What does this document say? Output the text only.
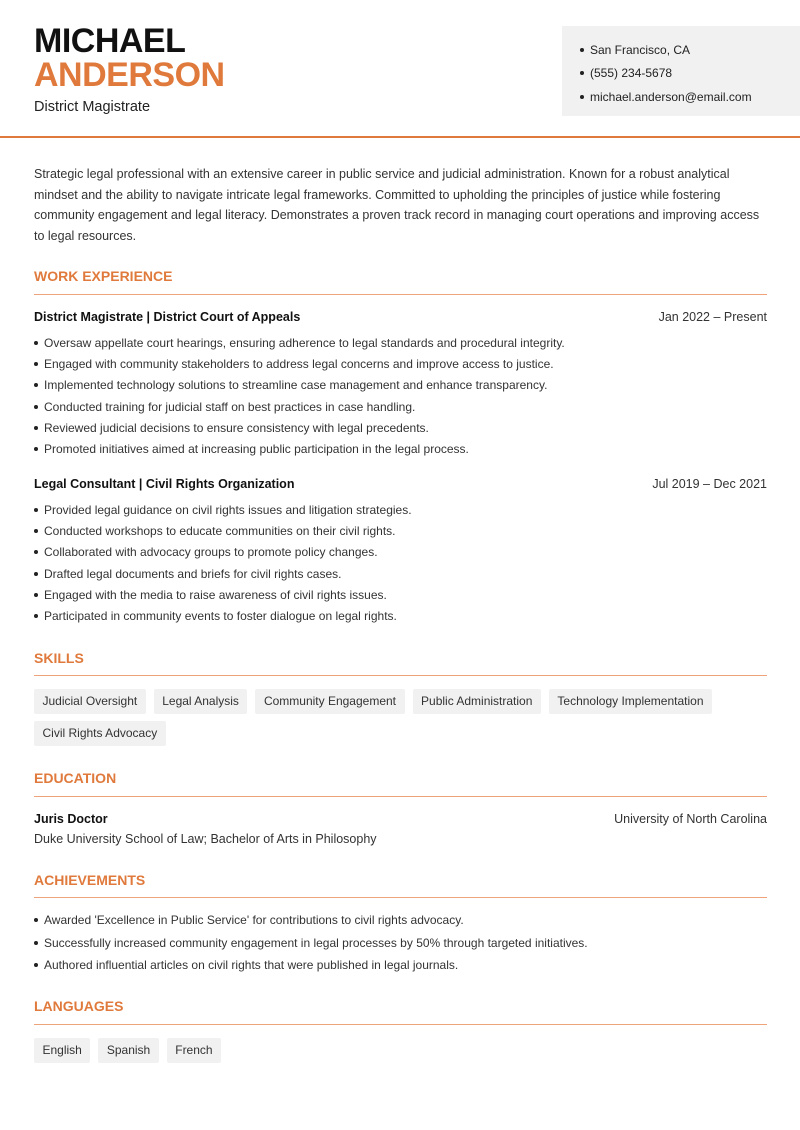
MICHAEL
ANDERSON
District Magistrate
San Francisco, CA
(555) 234-5678
michael.anderson@email.com

Strategic legal professional with an extensive career in public service and judicial administration. Known for a robust analytical mindset and the ability to navigate intricate legal frameworks. Committed to upholding the principles of justice while fostering community engagement and legal literacy. Demonstrates a proven track record in managing court operations and improving access to legal resources.

WORK EXPERIENCE
District Magistrate | District Court of Appeals	Jan 2022 – Present
Oversaw appellate court hearings, ensuring adherence to legal standards and procedural integrity.
Engaged with community stakeholders to address legal concerns and improve access to justice.
Implemented technology solutions to streamline case management and enhance transparency.
Conducted training for judicial staff on best practices in case handling.
Reviewed judicial decisions to ensure consistency with legal precedents.
Promoted initiatives aimed at increasing public participation in the legal process.
Legal Consultant | Civil Rights Organization	Jul 2019 – Dec 2021
Provided legal guidance on civil rights issues and litigation strategies.
Conducted workshops to educate communities on their civil rights.
Collaborated with advocacy groups to promote policy changes.
Drafted legal documents and briefs for civil rights cases.
Engaged with the media to raise awareness of civil rights issues.
Participated in community events to foster dialogue on legal rights.
SKILLS
Judicial Oversight	Legal Analysis	Community Engagement	Public Administration	Technology Implementation
Civil Rights Advocacy
EDUCATION
Juris Doctor	University of North Carolina
Duke University School of Law; Bachelor of Arts in Philosophy
ACHIEVEMENTS
Awarded 'Excellence in Public Service' for contributions to civil rights advocacy.
Successfully increased community engagement in legal processes by 50% through targeted initiatives.
Authored influential articles on civil rights that were published in legal journals.
LANGUAGES
English	Spanish	French
